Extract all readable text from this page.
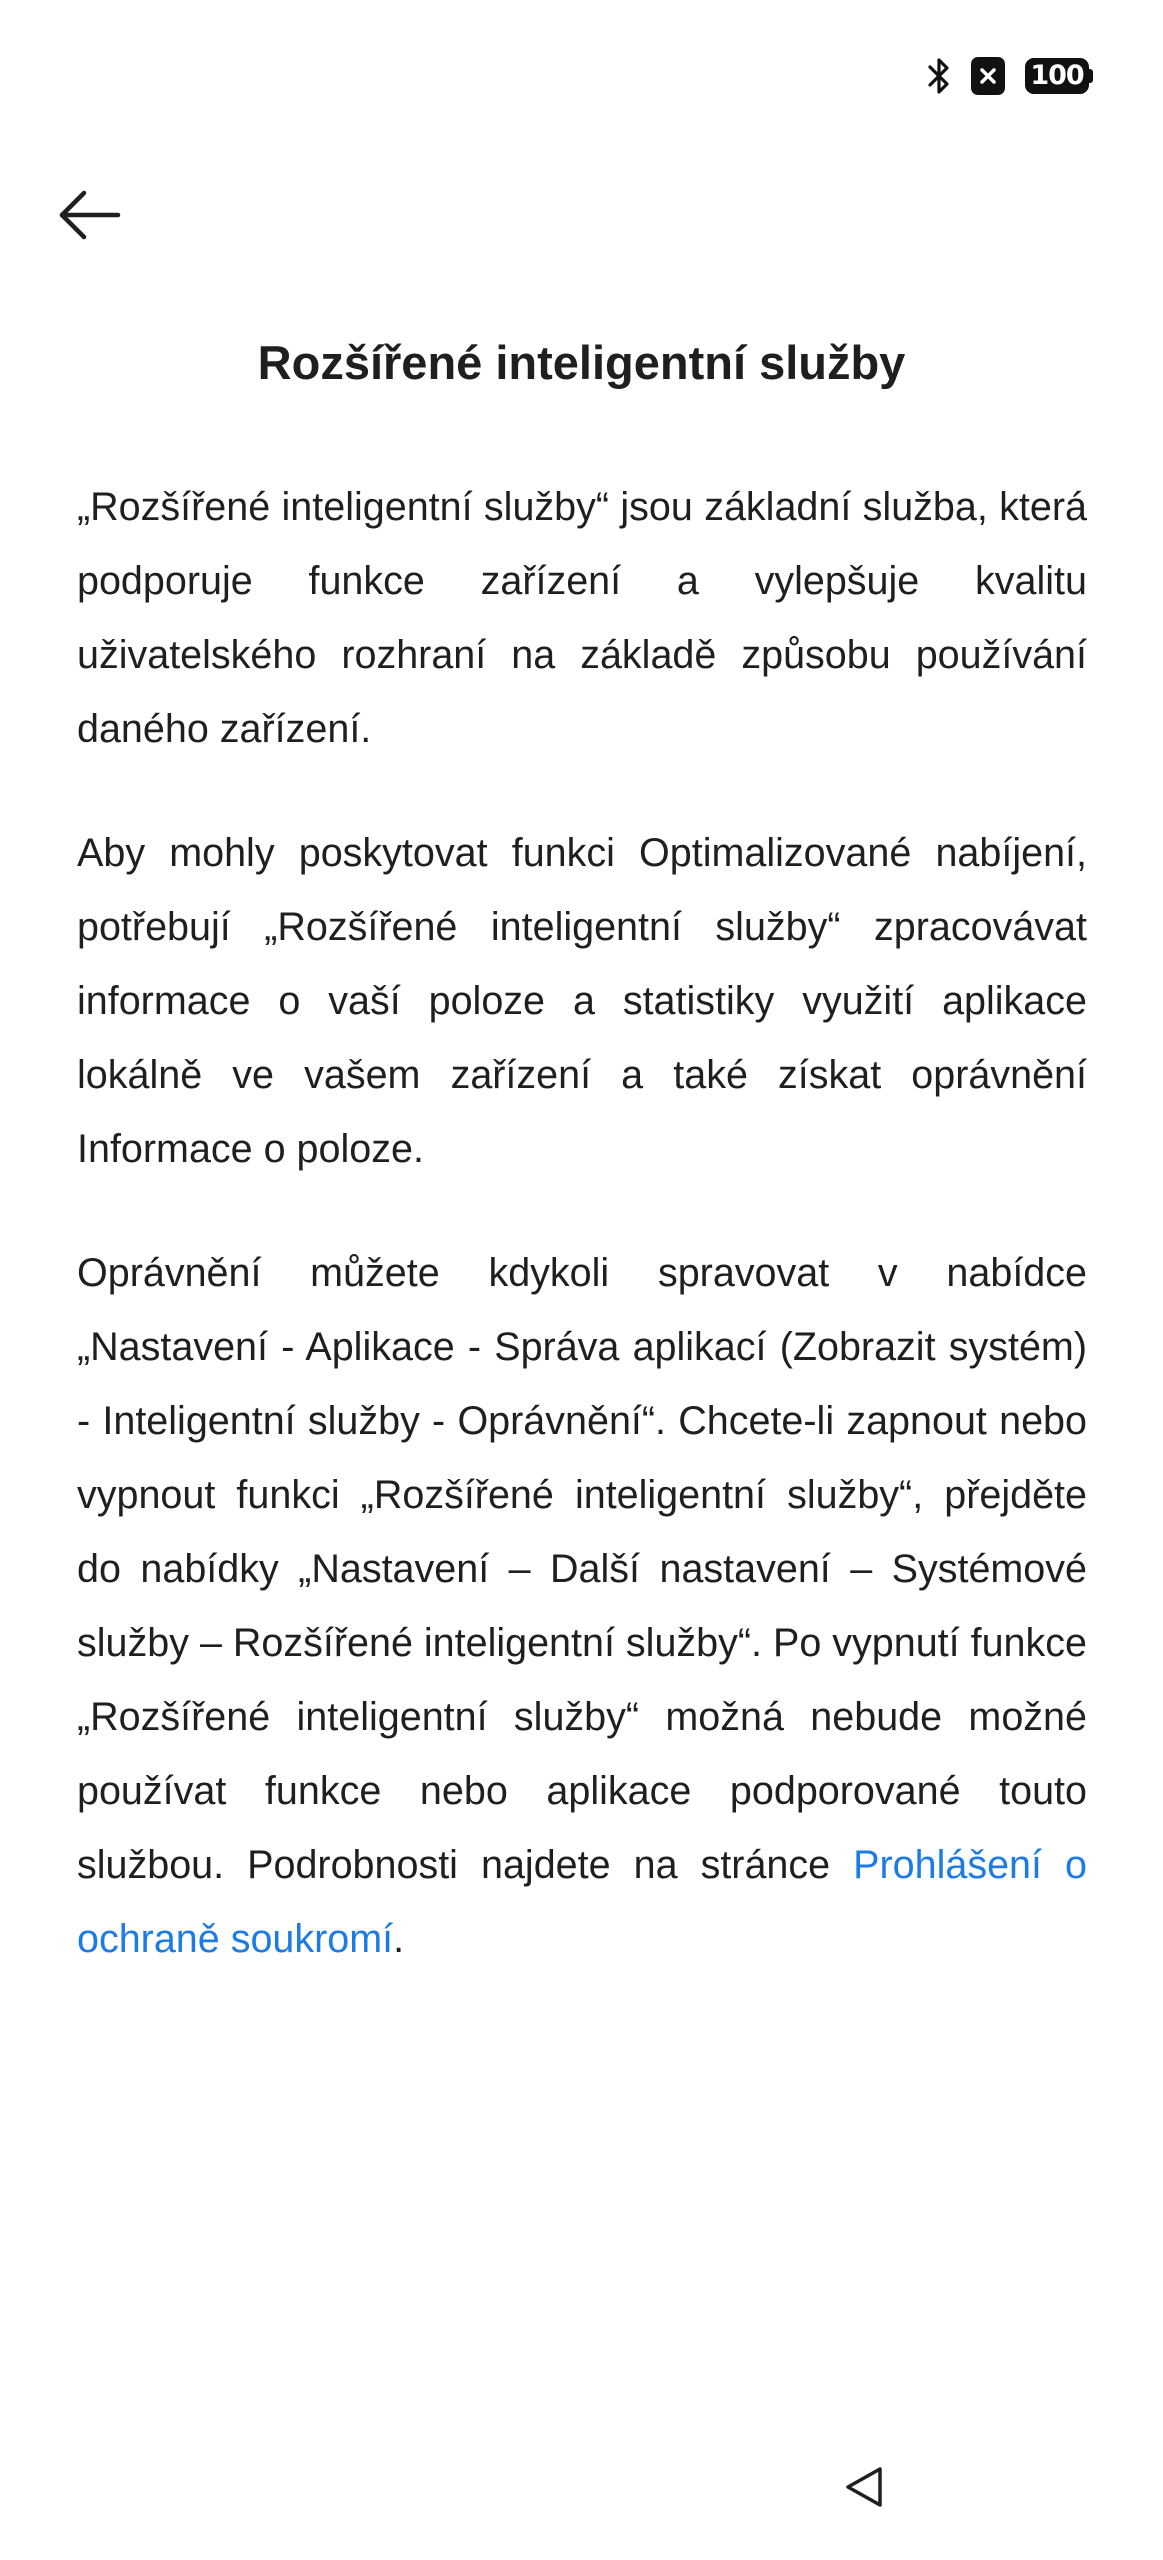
100
Rozšířené inteligentní služby

„Rozšířené inteligentní služby“ jsou základní služba, která podporuje funkce zařízení a vylepšuje kvalitu uživatelského rozhraní na základě způsobu používání daného zařízení.

Aby mohly poskytovat funkci Optimalizované nabíjení, potřebují „Rozšířené inteligentní služby“ zpracovávat informace o vaší poloze a statistiky využití aplikace lokálně ve vašem zařízení a také získat oprávnění Informace o poloze.

Oprávnění můžete kdykoli spravovat v nabídce „Nastavení - Aplikace - Správa aplikací (Zobrazit systém) - Inteligentní služby - Oprávnění“. Chcete-li zapnout nebo vypnout funkci „Rozšířené inteligentní služby“, přejděte do nabídky „Nastavení – Další nastavení – Systémové služby – Rozšířené inteligentní služby“. Po vypnutí funkce „Rozšířené inteligentní služby“ možná nebude možné používat funkce nebo aplikace podporované touto službou. Podrobnosti najdete na stránce Prohlášení o ochraně soukromí.
